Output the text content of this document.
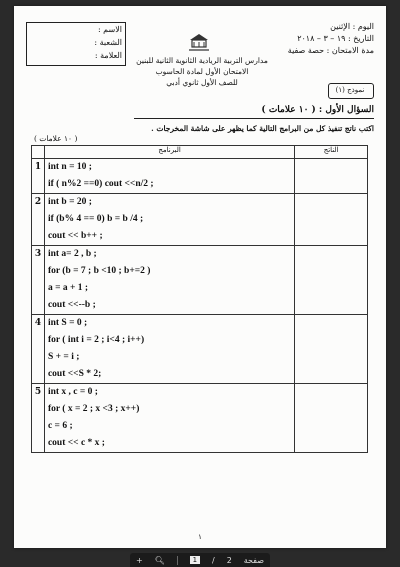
الاسم :
الشعبة :
العلامة :
مدارس التربية الريادية الثانوية الثانية للبنين
الامتحان الأول لمادة الحاسوب
للصف الأول ثانوي أدبي
اليوم : الإثنين
التاريخ : ١٩ – ٣ – ٢٠١٨
مدة الامتحان : حصة صفية
نموذج (١)
السؤال الأول : ( ١٠ علامات )
اكتب ناتج تنفيذ كل من البرامج التالية كما يظهر على شاشة المخرجات .
( ١٠ علامات )
	البرنامج	الناتج
1	int n = 10 ;
if ( n%2 ==0) cout <<n/2 ;	

2	int b = 20 ;
if (b% 4 == 0) b = b /4 ;
cout << b++ ;	

3	int a= 2 , b ;
for (b = 7 ; b <10 ; b+=2 )
a = a + 1 ;
cout <<--b ;	

4	int S = 0 ;
for ( int i = 2 ; i<4 ; i++)
S + = i ;
cout <<S * 2;	

5	int x , c = 0 ;
for ( x = 2 ; x <3 ; x++)
c = 6 ;
cout << c * x ;	

١
+ 🔍︎	1	/ 2 صفحة
